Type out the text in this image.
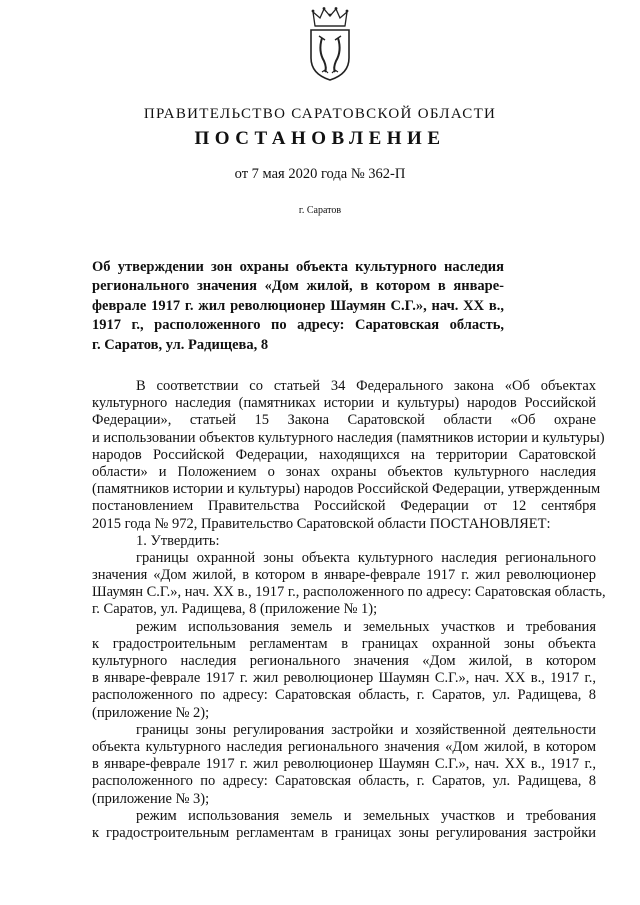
ПРАВИТЕЛЬСТВО САРАТОВСКОЙ ОБЛАСТИ
ПОСТАНОВЛЕНИЕ
от 7 мая 2020 года № 362-П
г. Саратов
Об утверждении зон охраны объекта культурного наследия
регионального значения «Дом жилой, в котором в январе-
феврале 1917 г. жил революционер Шаумян С.Г.», нач. XX в.,
1917 г., расположенного по адресу: Саратовская область,
г. Саратов, ул. Радищева, 8
В соответствии со статьей 34 Федерального закона «Об объектах
культурного наследия (памятниках истории и культуры) народов Российской
Федерации», статьей 15 Закона Саратовской области «Об охране
и использовании объектов культурного наследия (памятников истории и культуры)
народов Российской Федерации, находящихся на территории Саратовской
области» и Положением о зонах охраны объектов культурного наследия
(памятников истории и культуры) народов Российской Федерации, утвержденным
постановлением Правительства Российской Федерации от 12 сентября
2015 года № 972, Правительство Саратовской области ПОСТАНОВЛЯЕТ:
1. Утвердить:
границы охранной зоны объекта культурного наследия регионального
значения «Дом жилой, в котором в январе-феврале 1917 г. жил революционер
Шаумян С.Г.», нач. XX в., 1917 г., расположенного по адресу: Саратовская область,
г. Саратов, ул. Радищева, 8 (приложение № 1);
режим использования земель и земельных участков и требования
к градостроительным регламентам в границах охранной зоны объекта
культурного наследия регионального значения «Дом жилой, в котором
в январе-феврале 1917 г. жил революционер Шаумян С.Г.», нач. XX в., 1917 г.,
расположенного по адресу: Саратовская область, г. Саратов, ул. Радищева, 8
(приложение № 2);
границы зоны регулирования застройки и хозяйственной деятельности
объекта культурного наследия регионального значения «Дом жилой, в котором
в январе-феврале 1917 г. жил революционер Шаумян С.Г.», нач. XX в., 1917 г.,
расположенного по адресу: Саратовская область, г. Саратов, ул. Радищева, 8
(приложение № 3);
режим использования земель и земельных участков и требования
к градостроительным регламентам в границах зоны регулирования застройки
